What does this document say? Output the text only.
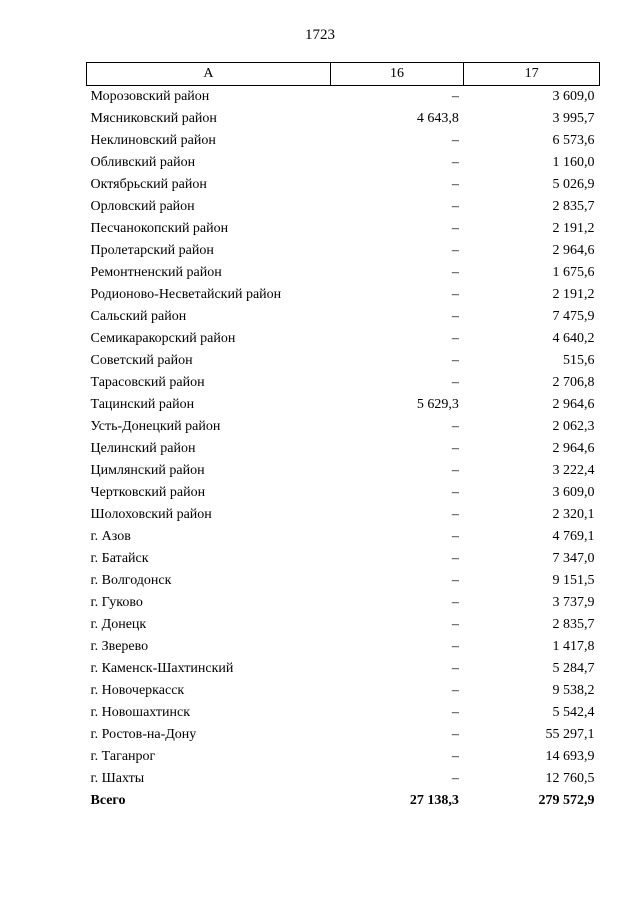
1723
А	16	17
Морозовский район	–	3 609,0
Мясниковский район	4 643,8	3 995,7
Неклиновский район	–	6 573,6
Обливский район	–	1 160,0
Октябрьский район	–	5 026,9
Орловский район	–	2 835,7
Песчанокопский район	–	2 191,2
Пролетарский район	–	2 964,6
Ремонтненский район	–	1 675,6
Родионово-Несветайский район	–	2 191,2
Сальский район	–	7 475,9
Семикаракорский район	–	4 640,2
Советский район	–	515,6
Тарасовский район	–	2 706,8
Тацинский район	5 629,3	2 964,6
Усть-Донецкий район	–	2 062,3
Целинский район	–	2 964,6
Цимлянский район	–	3 222,4
Чертковский район	–	3 609,0
Шолоховский район	–	2 320,1
г. Азов	–	4 769,1
г. Батайск	–	7 347,0
г. Волгодонск	–	9 151,5
г. Гуково	–	3 737,9
г. Донецк	–	2 835,7
г. Зверево	–	1 417,8
г. Каменск-Шахтинский	–	5 284,7
г. Новочеркасск	–	9 538,2
г. Новошахтинск	–	5 542,4
г. Ростов-на-Дону	–	55 297,1
г. Таганрог	–	14 693,9
г. Шахты	–	12 760,5
Всего	27 138,3	279 572,9
